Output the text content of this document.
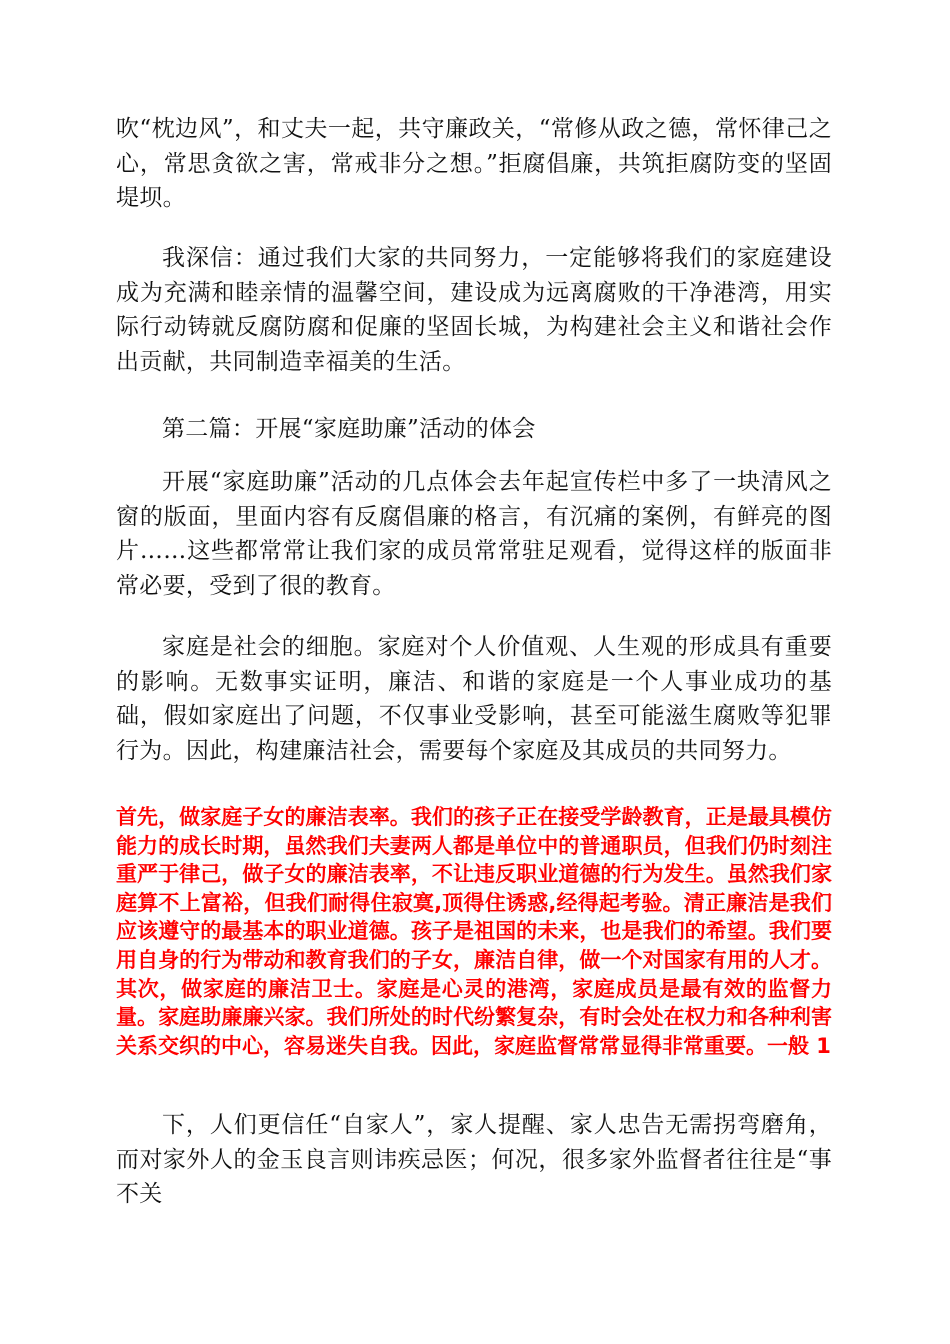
吹“枕边风”，和丈夫一起，共守廉政关，“常修从政之德，常怀律己之心，常思贪欲之害，常戒非分之想。”拒腐倡廉，共筑拒腐防变的坚固堤坝。

我深信：通过我们大家的共同努力，一定能够将我们的家庭建设成为充满和睦亲情的温馨空间，建设成为远离腐败的干净港湾，用实际行动铸就反腐防腐和促廉的坚固长城，为构建社会主义和谐社会作出贡献，共同制造幸福美的生活。

第二篇：开展“家庭助廉”活动的体会

开展“家庭助廉”活动的几点体会去年起宣传栏中多了一块清风之窗的版面，里面内容有反腐倡廉的格言，有沉痛的案例，有鲜亮的图片……这些都常常让我们家的成员常常驻足观看，觉得这样的版面非常必要，受到了很的教育。

家庭是社会的细胞。家庭对个人价值观、人生观的形成具有重要的影响。无数事实证明，廉洁、和谐的家庭是一个人事业成功的基础，假如家庭出了问题，不仅事业受影响，甚至可能滋生腐败等犯罪行为。因此，构建廉洁社会，需要每个家庭及其成员的共同努力。

首先，做家庭子女的廉洁表率。我们的孩子正在接受学龄教育，正是最具模仿能力的成长时期，虽然我们夫妻两人都是单位中的普通职员，但我们仍时刻注重严于律己，做子女的廉洁表率，不让违反职业道德的行为发生。虽然我们家庭算不上富裕，但我们耐得住寂寞,顶得住诱惑,经得起考验。清正廉洁是我们应该遵守的最基本的职业道德。孩子是祖国的未来，也是我们的希望。我们要用自身的行为带动和教育我们的子女，廉洁自律，做一个对国家有用的人才。其次，做家庭的廉洁卫士。家庭是心灵的港湾，家庭成员是最有效的监督力量。家庭助廉廉兴家。我们所处的时代纷繁复杂，有时会处在权力和各种利害关系交织的中心，容易迷失自我。因此，家庭监督常常显得非常重要。一般 1

下，人们更信任“自家人”，家人提醒、家人忠告无需拐弯磨角，而对家外人的金玉良言则讳疾忌医；何况，很多家外监督者往往是“事不关
